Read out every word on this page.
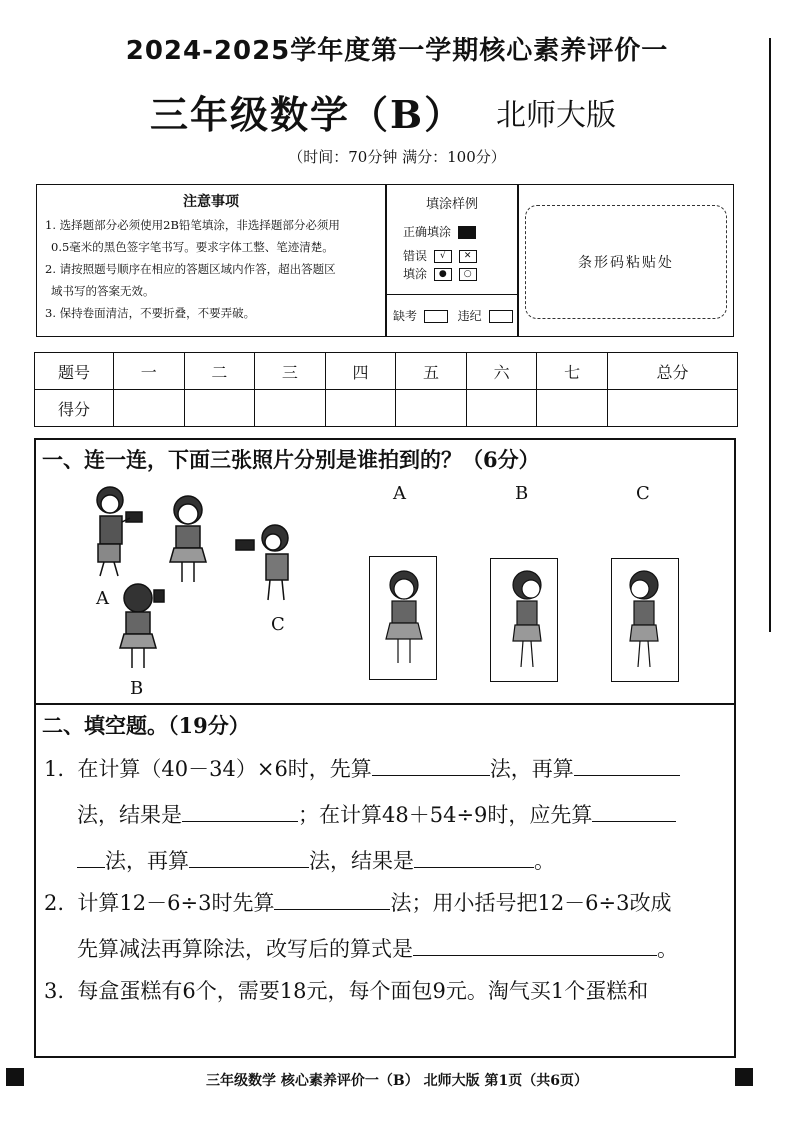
2024-2025学年度第一学期核心素养评价一
三年级数学（B） 北师大版
（时间：70分钟 满分：100分）
注意事项

1. 选择题部分必须使用2B铅笔填涂，非选择题部分必须用

0.5毫米的黑色签字笔书写。要求字体工整、笔迹清楚。

2. 请按照题号顺序在相应的答题区域内作答，超出答题区

域书写的答案无效。

3. 保持卷面清洁，不要折叠，不要弄破。

填涂样例
正确填涂
错误 √ ✕
填涂 ● ○
缺考	违纪
条形码粘贴处
题号	一	二	三	四	五	六	七	总分
得分								
一、连一连，下面三张照片分别是谁拍到的？（6分）
A
C
B
A	B	C
二、填空题。（19分）
1. 在计算（40－34）×6时，先算	法，再算
法，结果是	；在计算48＋54÷9时，应先算
法，再算	法，结果是	。
2. 计算12－6÷3时先算	法；用小括号把12－6÷3改成
先算减法再算除法，改写后的算式是	。
3. 每盒蛋糕有6个，需要18元，每个面包9元。淘气买1个蛋糕和
三年级数学 核心素养评价一（B） 北师大版 第1页（共6页）
